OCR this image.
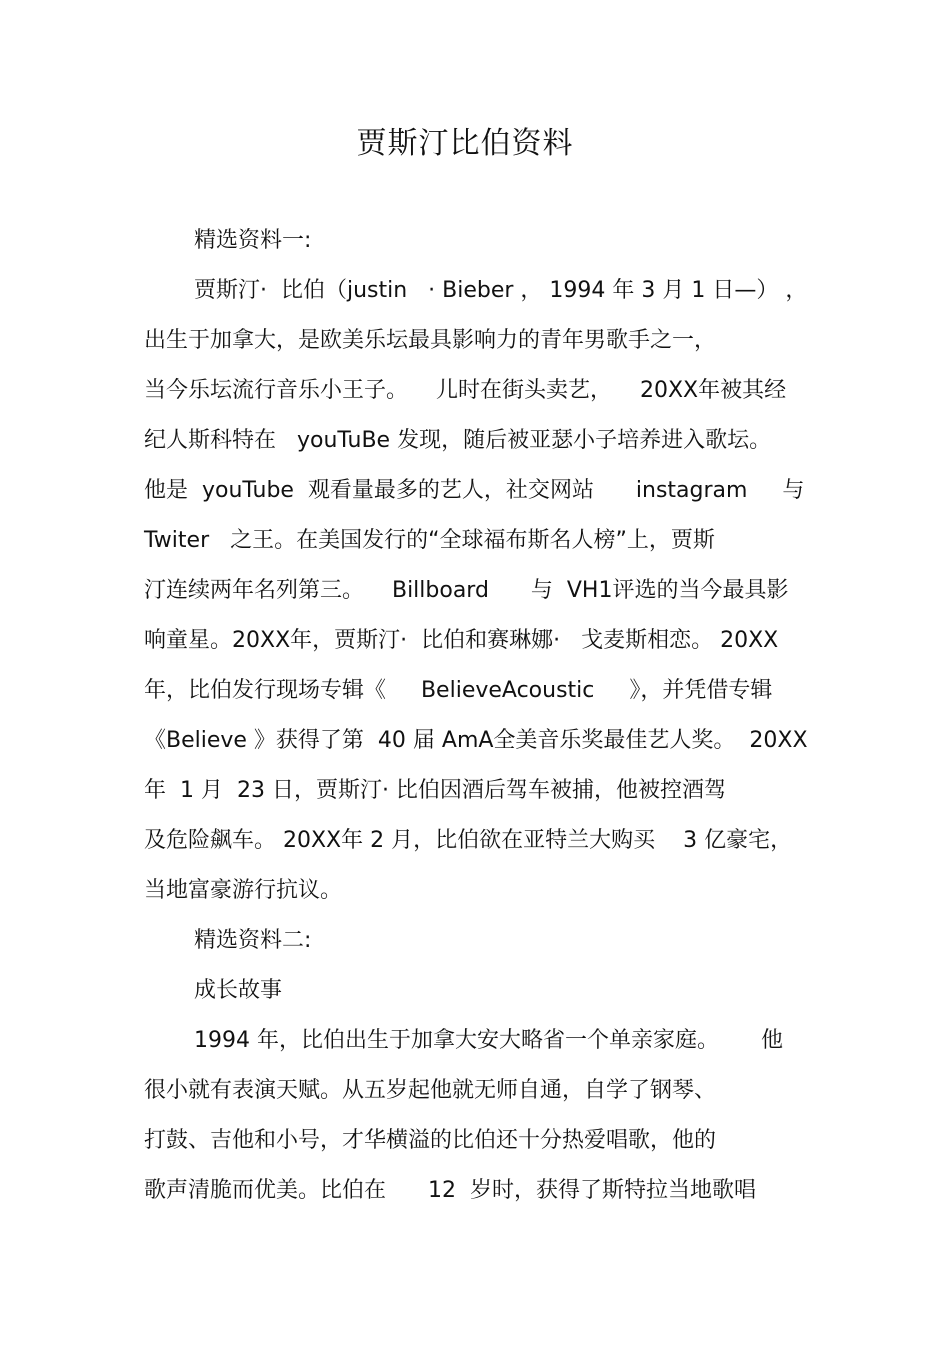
贾斯汀比伯资料
精选资料一:
贾斯汀·  比伯（justin   · Bieber ， 1994 年 3 月 1 日—） ，
出生于加拿大，是欧美乐坛最具影响力的青年男歌手之一，
当今乐坛流行音乐小王子。    儿时在街头卖艺，    20XX年被其经
纪人斯科特在   youTuBe 发现，随后被亚瑟小子培养进入歌坛。
他是  youTube  观看量最多的艺人，社交网站      instagram     与
Twiter   之王。在美国发行的“全球福布斯名人榜”上，贾斯
汀连续两年名列第三。    Billboard      与  VH1评选的当今最具影
响童星。20XX年，贾斯汀·  比伯和赛琳娜·   戈麦斯相恋。 20XX
年，比伯发行现场专辑《     BelieveAcoustic     》，并凭借专辑
《Believe 》获得了第  40 届 AmA全美音乐奖最佳艺人奖。  20XX
年  1 月  23 日，贾斯汀· 比伯因酒后驾车被捕，他被控酒驾
及危险飙车。 20XX年 2 月，比伯欲在亚特兰大购买    3 亿豪宅，
当地富豪游行抗议。
精选资料二:
成长故事
1994 年，比伯出生于加拿大安大略省一个单亲家庭。      他
很小就有表演天赋。从五岁起他就无师自通，自学了钢琴、
打鼓、吉他和小号，才华横溢的比伯还十分热爱唱歌，他的
歌声清脆而优美。比伯在      12  岁时，获得了斯特拉当地歌唱
